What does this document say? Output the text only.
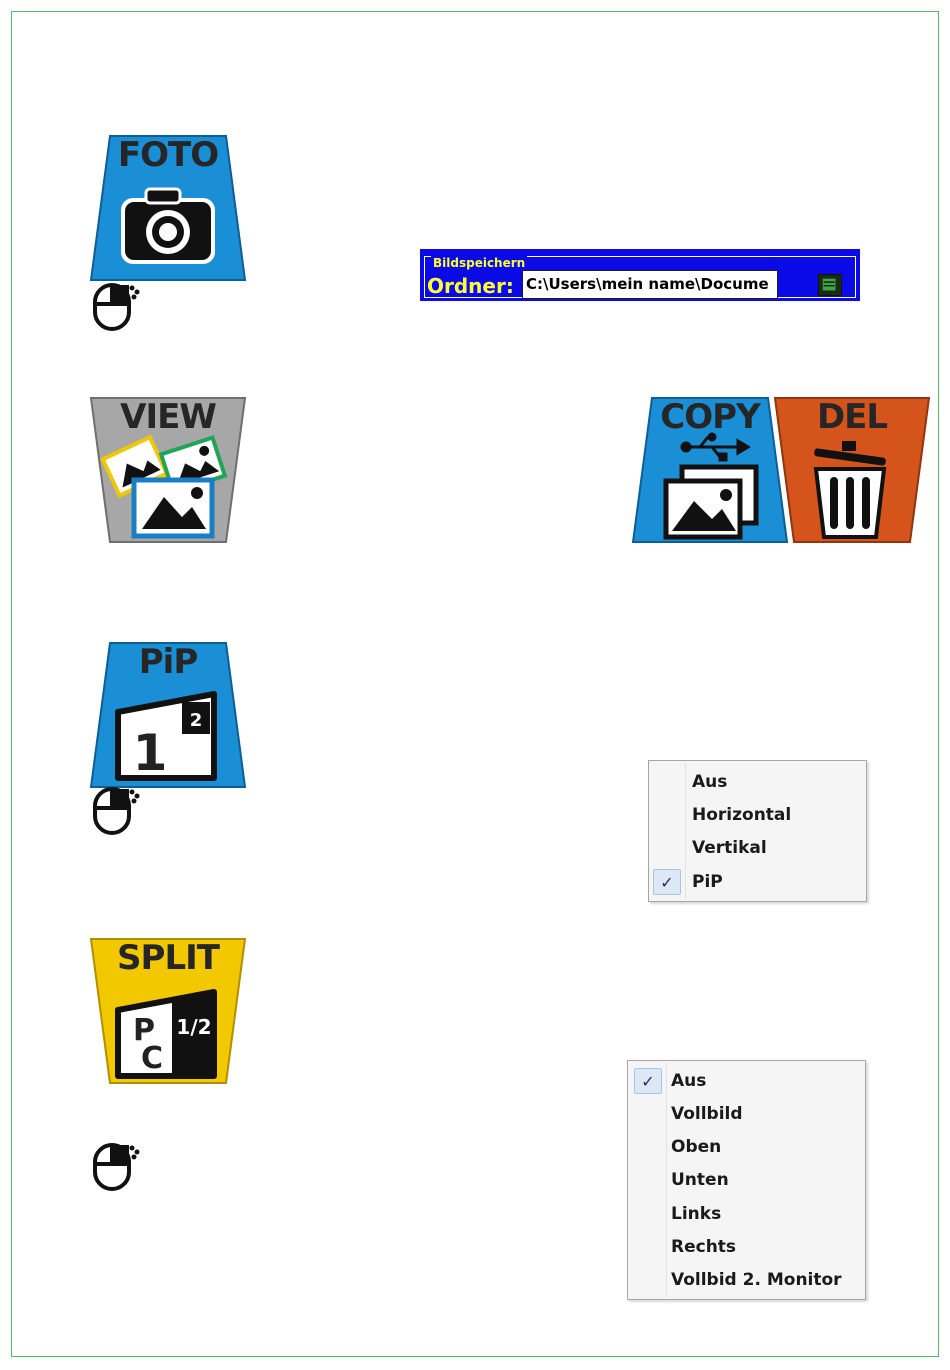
FOTO
Bildspeichern
Ordner: C:\Users\mein name\Docume
VIEW	COPY	DEL
2
1
PiP
Aus
Horizontal
Vertikal
✓	PiP
P
C
1/2
SPLIT
✓ Aus
Vollbild
Oben
Unten
Links
Rechts
Vollbid 2. Monitor
